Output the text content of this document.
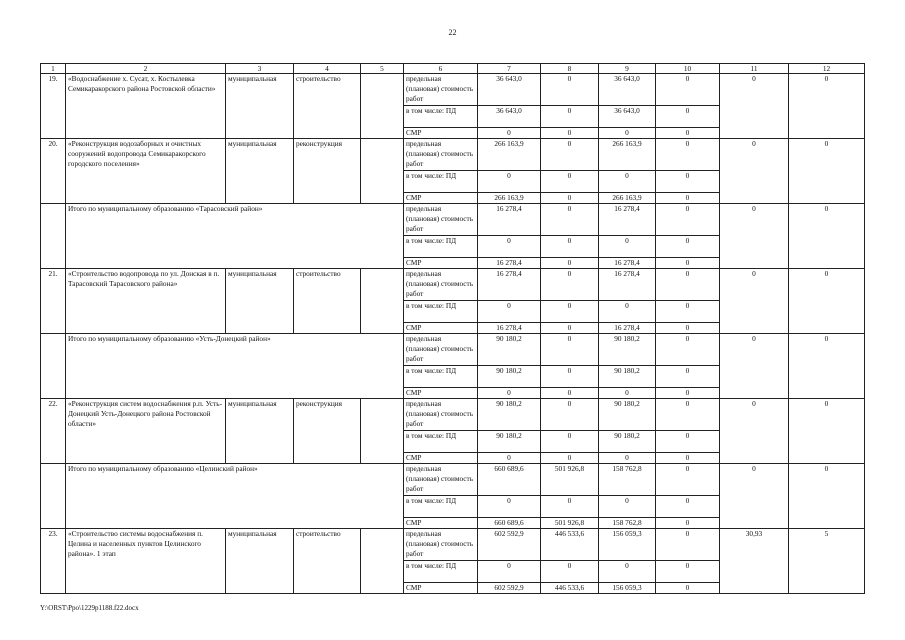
22
1	2	3	4	5	6	7	8	9	10	11	12
19.	«Водоснабжение х. Сусат, х. Костылевка Семикаракорского района Ростовской области»	муниципальная	строительство		предельная (плановая) стоимость работ	36 643,0	0	36 643,0	0	0	0
					в том числе: ПД	36 643,0	0	36 643,0	0		
					СМР	0	0	0	0		
20.	«Реконструкция водозаборных и очистных сооружений водопровода Семикаракорского городского поселения»	муниципальная	реконструкция		предельная (плановая) стоимость работ	266 163,9	0	266 163,9	0	0	0
					в том числе: ПД	0	0	0	0		
					СМР	266 163,9	0	266 163,9	0		
	Итого по муниципальному образованию «Тарасовский район»				предельная (плановая) стоимость работ	16 278,4	0	16 278,4	0	0	0
					в том числе: ПД	0	0	0	0		
					СМР	16 278,4	0	16 278,4	0		
21.	«Строительство водопровода по ул. Донская в п. Тарасовский Тарасовского района»	муниципальная	строительство		предельная (плановая) стоимость работ	16 278,4	0	16 278,4	0	0	0
					в том числе: ПД	0	0	0	0		
					СМР	16 278,4	0	16 278,4	0		
	Итого по муниципальному образованию «Усть-Донецкий район»				предельная (плановая) стоимость работ	90 180,2	0	90 180,2	0	0	0
					в том числе: ПД	90 180,2	0	90 180,2	0		
					СМР	0	0	0	0		
22.	«Реконструкция систем водоснабжения р.п. Усть-Донецкий Усть-Донецкого района Ростовской области»	муниципальная	реконструкция		предельная (плановая) стоимость работ	90 180,2	0	90 180,2	0	0	0
					в том числе: ПД	90 180,2	0	90 180,2	0		
					СМР	0	0	0	0		
	Итого по муниципальному образованию «Целинский район»				предельная (плановая) стоимость работ	660 689,6	501 926,8	158 762,8	0	0	0
					в том числе: ПД	0	0	0	0		
					СМР	660 689,6	501 926,8	158 762,8	0		
23.	«Строительство системы водоснабжения п. Целина и населенных пунктов Целинского района». 1 этап	муниципальная	строительство		предельная (плановая) стоимость работ	602 592,9	446 533,6	156 059,3	0	30,93	5
					в том числе: ПД	0	0	0	0		
					СМР	602 592,9	446 533,6	156 059,3	0		
Y:\ORST\Ppo\1229p1188.f22.docx
